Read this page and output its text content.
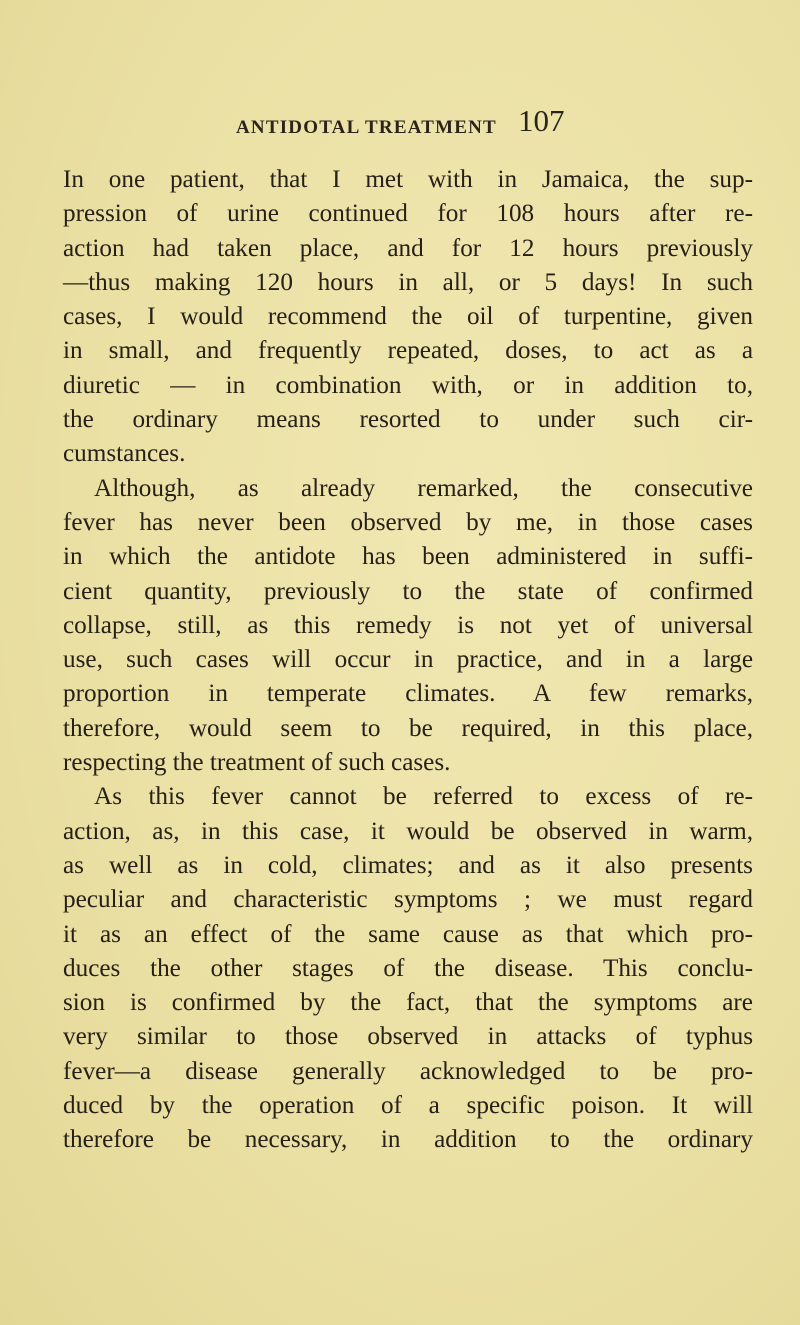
ANTIDOTAL TREATMENT 107
In one patient, that I met with in Jamaica, the sup-
pression of urine continued for 108 hours after re-
action had taken place, and for 12 hours previously
—thus making 120 hours in all, or 5 days! In such
cases, I would recommend the oil of turpentine, given
in small, and frequently repeated, doses, to act as a
diuretic — in combination with, or in addition to,
the ordinary means resorted to under such cir-
cumstances.
Although, as already remarked, the consecutive
fever has never been observed by me, in those cases
in which the antidote has been administered in suffi-
cient quantity, previously to the state of confirmed
collapse, still, as this remedy is not yet of universal
use, such cases will occur in practice, and in a large
proportion in temperate climates. A few remarks,
therefore, would seem to be required, in this place,
respecting the treatment of such cases.
As this fever cannot be referred to excess of re-
action, as, in this case, it would be observed in warm,
as well as in cold, climates; and as it also presents
peculiar and characteristic symptoms ; we must regard
it as an effect of the same cause as that which pro-
duces the other stages of the disease. This conclu-
sion is confirmed by the fact, that the symptoms are
very similar to those observed in attacks of typhus
fever—a disease generally acknowledged to be pro-
duced by the operation of a specific poison. It will
therefore be necessary, in addition to the ordinary
